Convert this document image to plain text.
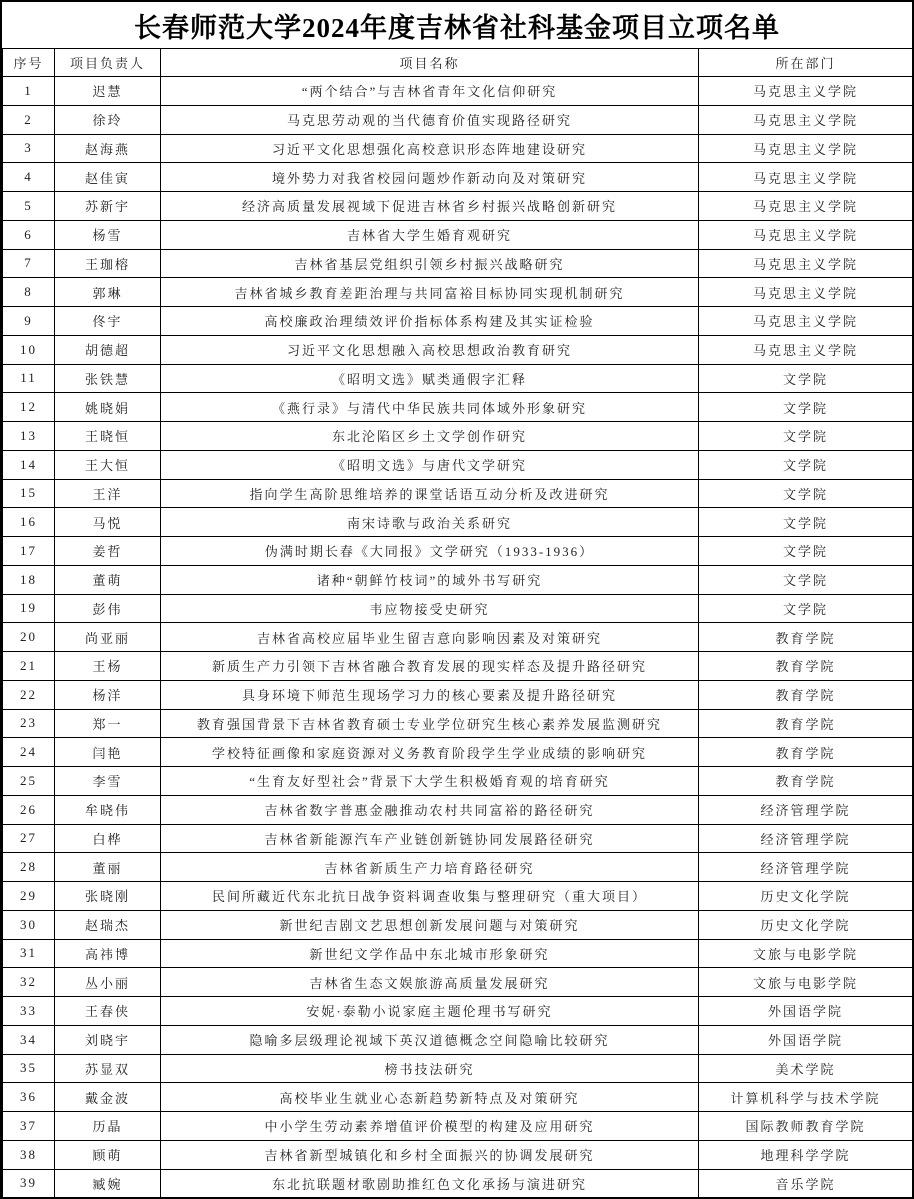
长春师范大学2024年度吉林省社科基金项目立项名单
序号	项目负责人	项目名称	所在部门
1	迟慧	“两个结合”与吉林省青年文化信仰研究	马克思主义学院
2	徐玲	马克思劳动观的当代德育价值实现路径研究	马克思主义学院
3	赵海燕	习近平文化思想强化高校意识形态阵地建设研究	马克思主义学院
4	赵佳寅	境外势力对我省校园问题炒作新动向及对策研究	马克思主义学院
5	苏新宇	经济高质量发展视域下促进吉林省乡村振兴战略创新研究	马克思主义学院
6	杨雪	吉林省大学生婚育观研究	马克思主义学院
7	王珈榕	吉林省基层党组织引领乡村振兴战略研究	马克思主义学院
8	郭琳	吉林省城乡教育差距治理与共同富裕目标协同实现机制研究	马克思主义学院
9	佟宇	高校廉政治理绩效评价指标体系构建及其实证检验	马克思主义学院
10	胡德超	习近平文化思想融入高校思想政治教育研究	马克思主义学院
11	张铁慧	《昭明文选》赋类通假字汇释	文学院
12	姚晓娟	《燕行录》与清代中华民族共同体域外形象研究	文学院
13	王晓恒	东北沦陷区乡土文学创作研究	文学院
14	王大恒	《昭明文选》与唐代文学研究	文学院
15	王洋	指向学生高阶思维培养的课堂话语互动分析及改进研究	文学院
16	马悦	南宋诗歌与政治关系研究	文学院
17	姜哲	伪满时期长春《大同报》文学研究（1933-1936）	文学院
18	董萌	诸种“朝鲜竹枝词”的域外书写研究	文学院
19	彭伟	韦应物接受史研究	文学院
20	尚亚丽	吉林省高校应届毕业生留吉意向影响因素及对策研究	教育学院
21	王杨	新质生产力引领下吉林省融合教育发展的现实样态及提升路径研究	教育学院
22	杨洋	具身环境下师范生现场学习力的核心要素及提升路径研究	教育学院
23	郑一	教育强国背景下吉林省教育硕士专业学位研究生核心素养发展监测研究	教育学院
24	闫艳	学校特征画像和家庭资源对义务教育阶段学生学业成绩的影响研究	教育学院
25	李雪	“生育友好型社会”背景下大学生积极婚育观的培育研究	教育学院
26	牟晓伟	吉林省数字普惠金融推动农村共同富裕的路径研究	经济管理学院
27	白桦	吉林省新能源汽车产业链创新链协同发展路径研究	经济管理学院
28	董丽	吉林省新质生产力培育路径研究	经济管理学院
29	张晓刚	民间所藏近代东北抗日战争资料调查收集与整理研究（重大项目）	历史文化学院
30	赵瑞杰	新世纪吉剧文艺思想创新发展问题与对策研究	历史文化学院
31	高祎博	新世纪文学作品中东北城市形象研究	文旅与电影学院
32	丛小丽	吉林省生态文娱旅游高质量发展研究	文旅与电影学院
33	王春侠	安妮·泰勒小说家庭主题伦理书写研究	外国语学院
34	刘晓宇	隐喻多层级理论视域下英汉道德概念空间隐喻比较研究	外国语学院
35	苏显双	榜书技法研究	美术学院
36	戴金波	高校毕业生就业心态新趋势新特点及对策研究	计算机科学与技术学院
37	历晶	中小学生劳动素养增值评价模型的构建及应用研究	国际教师教育学院
38	顾萌	吉林省新型城镇化和乡村全面振兴的协调发展研究	地理科学学院
39	臧婉	东北抗联题材歌剧助推红色文化承扬与演进研究	音乐学院
